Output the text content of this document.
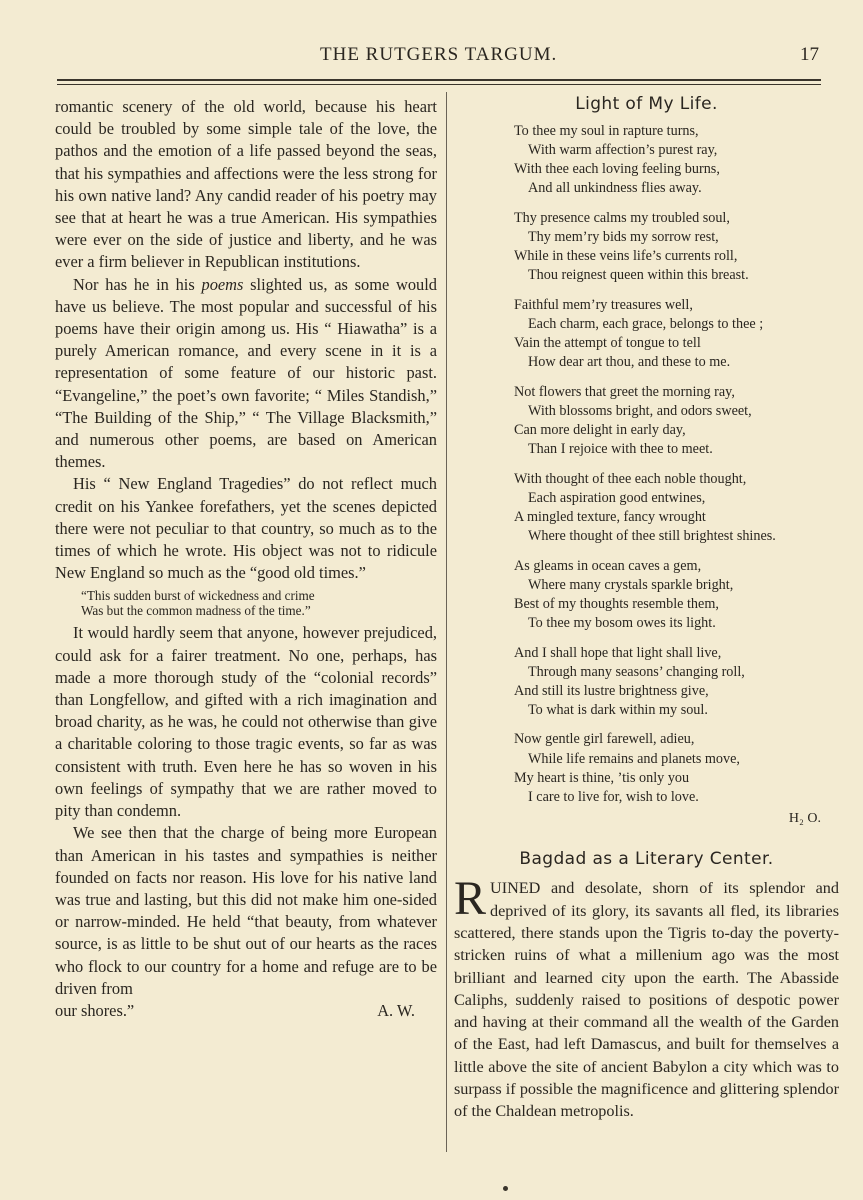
THE RUTGERS TARGUM.	17

romantic scenery of the old world, because his heart could be troubled by some simple tale of the love, the pathos and the emotion of a life passed beyond the seas, that his sympathies and affections were the less strong for his own native land? Any candid reader of his poetry may see that at heart he was a true American. His sympathies were ever on the side of justice and liberty, and he was ever a firm believer in Republican institutions.

Nor has he in his poems slighted us, as some would have us believe. The most popular and successful of his poems have their origin among us. His “ Hiawatha” is a purely American romance, and every scene in it is a representation of some feature of our historic past. “Evangeline,” the poet’s own favorite; “ Miles Standish,” “The Building of the Ship,” “ The Village Blacksmith,” and numerous other poems, are based on American themes.

His “ New England Tragedies” do not reflect much credit on his Yankee forefathers, yet the scenes depicted there were not peculiar to that country, so much as to the times of which he wrote. His object was not to ridicule New England so much as the “good old times.”

“This sudden burst of wickedness and crime
Was but the common madness of the time.”

It would hardly seem that anyone, however prejudiced, could ask for a fairer treatment. No one, perhaps, has made a more thorough study of the “colonial records” than Longfellow, and gifted with a rich imagination and broad charity, as he was, he could not otherwise than give a charitable coloring to those tragic events, so far as was consistent with truth. Even here he has so woven in his own feelings of sympathy that we are rather moved to pity than condemn.

We see then that the charge of being more European than American in his tastes and sympathies is neither founded on facts nor reason. His love for his native land was true and lasting, but this did not make him one-sided or narrow-minded. He held “that beauty, from whatever source, is as little to be shut out of our hearts as the races who flock to our country for a home and refuge are to be driven from

our shores.”	A. W.

Light of My Life.
To thee my soul in rapture turns,
With warm affection’s purest ray,
With thee each loving feeling burns,
And all unkindness flies away.
Thy presence calms my troubled soul,
Thy mem’ry bids my sorrow rest,
While in these veins life’s currents roll,
Thou reignest queen within this breast.
Faithful mem’ry treasures well,
Each charm, each grace, belongs to thee ;
Vain the attempt of tongue to tell
How dear art thou, and these to me.
Not flowers that greet the morning ray,
With blossoms bright, and odors sweet,
Can more delight in early day,
Than I rejoice with thee to meet.
With thought of thee each noble thought,
Each aspiration good entwines,
A mingled texture, fancy wrought
Where thought of thee still brightest shines.
As gleams in ocean caves a gem,
Where many crystals sparkle bright,
Best of my thoughts resemble them,
To thee my bosom owes its light.
And I shall hope that light shall live,
Through many seasons’ changing roll,
And still its lustre brightness give,
To what is dark within my soul.
Now gentle girl farewell, adieu,
While life remains and planets move,
My heart is thine, ’tis only you
I care to live for, wish to love.
H₂ O.
Bagdad as a Literary Center.

RUINED and desolate, shorn of its splendor and deprived of its glory, its savants all fled, its libraries scattered, there stands upon the Tigris to-day the poverty-stricken ruins of what a millenium ago was the most brilliant and learned city upon the earth. The Abasside Caliphs, suddenly raised to positions of despotic power and having at their command all the wealth of the Garden of the East, had left Damascus, and built for themselves a little above the site of ancient Babylon a city which was to surpass if possible the magnificence and glittering splendor of the Chaldean metropolis.
